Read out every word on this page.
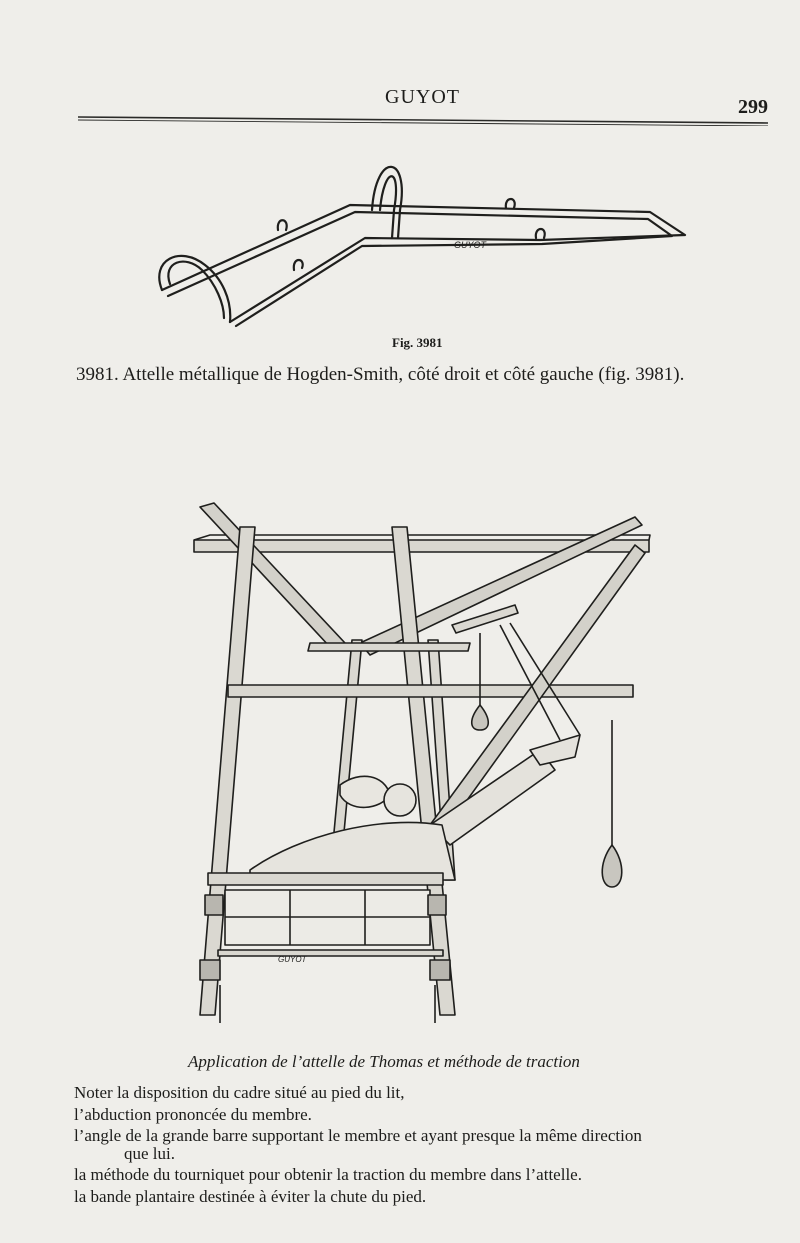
GUYOT	299
GUYOT
Fig. 3981
3981. Attelle métallique de Hogden-Smith, côté droit et côté gauche (fig. 3981).
GUYOT
Application de l’attelle de Thomas et méthode de traction
Noter la disposition du cadre situé au pied du lit,
l’abduction prononcée du membre.
l’angle de la grande barre supportant le membre et ayant presque la même direction
que lui.
la méthode du tourniquet pour obtenir la traction du membre dans l’attelle.
la bande plantaire destinée à éviter la chute du pied.
